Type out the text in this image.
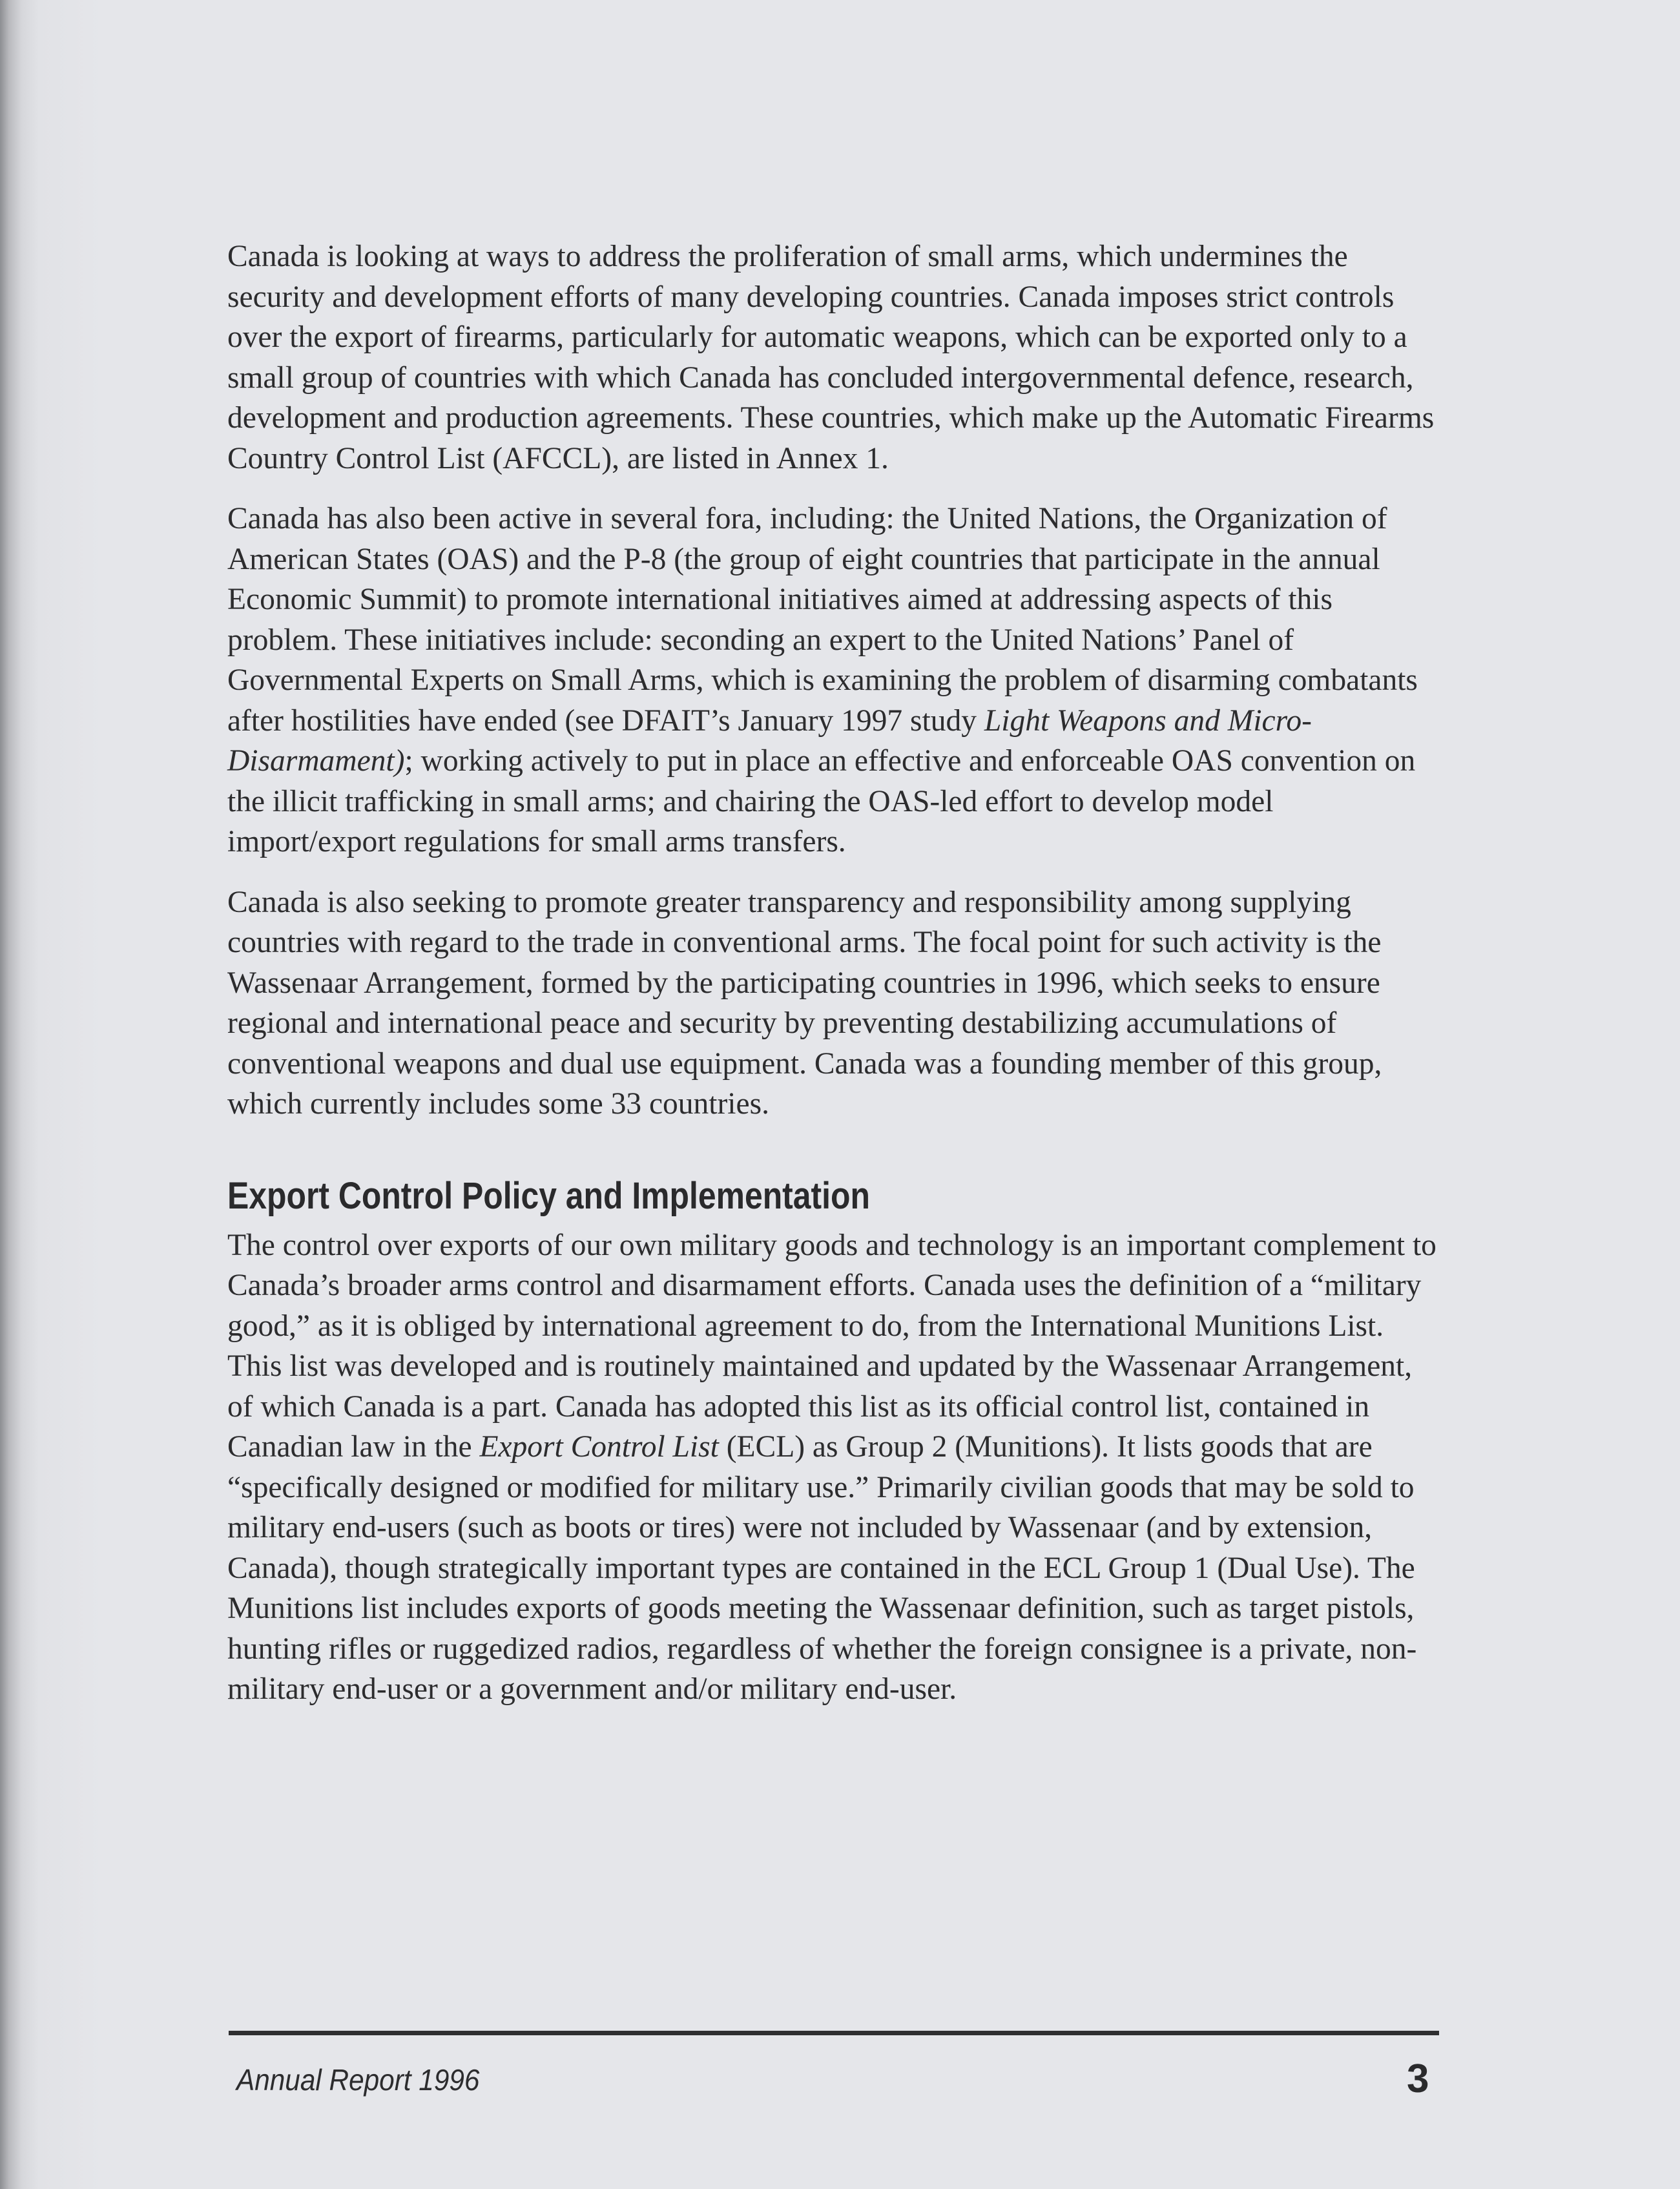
Canada is looking at ways to address the proliferation of small arms, which undermines the security and development efforts of many developing countries. Canada imposes strict controls over the export of firearms, particularly for automatic weapons, which can be exported only to a small group of countries with which Canada has concluded intergovernmental defence, research, development and production agreements. These countries, which make up the Automatic Firearms Country Control List (AFCCL), are listed in Annex 1.

Canada has also been active in several fora, including: the United Nations, the Organization of American States (OAS) and the P-8 (the group of eight countries that participate in the annual Economic Summit) to promote international initiatives aimed at addressing aspects of this problem. These initiatives include: seconding an expert to the United Nations’ Panel of Governmental Experts on Small Arms, which is examining the problem of disarming combatants after hostilities have ended (see DFAIT’s January 1997 study Light Weapons and Micro-Disarmament); working actively to put in place an effective and enforceable OAS convention on the illicit trafficking in small arms; and chairing the OAS-led effort to develop model import/export regulations for small arms transfers.

Canada is also seeking to promote greater transparency and responsibility among supplying countries with regard to the trade in conventional arms. The focal point for such activity is the Wassenaar Arrangement, formed by the participating countries in 1996, which seeks to ensure regional and international peace and security by preventing destabilizing accumulations of conventional weapons and dual use equipment. Canada was a founding member of this group, which currently includes some 33 countries.

Export Control Policy and Implementation

The control over exports of our own military goods and technology is an important complement to Canada’s broader arms control and disarmament efforts. Canada uses the definition of a “military good,” as it is obliged by international agreement to do, from the International Munitions List. This list was developed and is routinely maintained and updated by the Wassenaar Arrangement, of which Canada is a part. Canada has adopted this list as its official control list, contained in Canadian law in the Export Control List (ECL) as Group 2 (Munitions). It lists goods that are “specifically designed or modified for military use.” Primarily civilian goods that may be sold to military end-users (such as boots or tires) were not included by Wassenaar (and by extension, Canada), though strategically important types are contained in the ECL Group 1 (Dual Use). The Munitions list includes exports of goods meeting the Wassenaar definition, such as target pistols, hunting rifles or ruggedized radios, regardless of whether the foreign consignee is a private, non-military end-user or a government and/or military end-user.

Annual Report 1996	3
